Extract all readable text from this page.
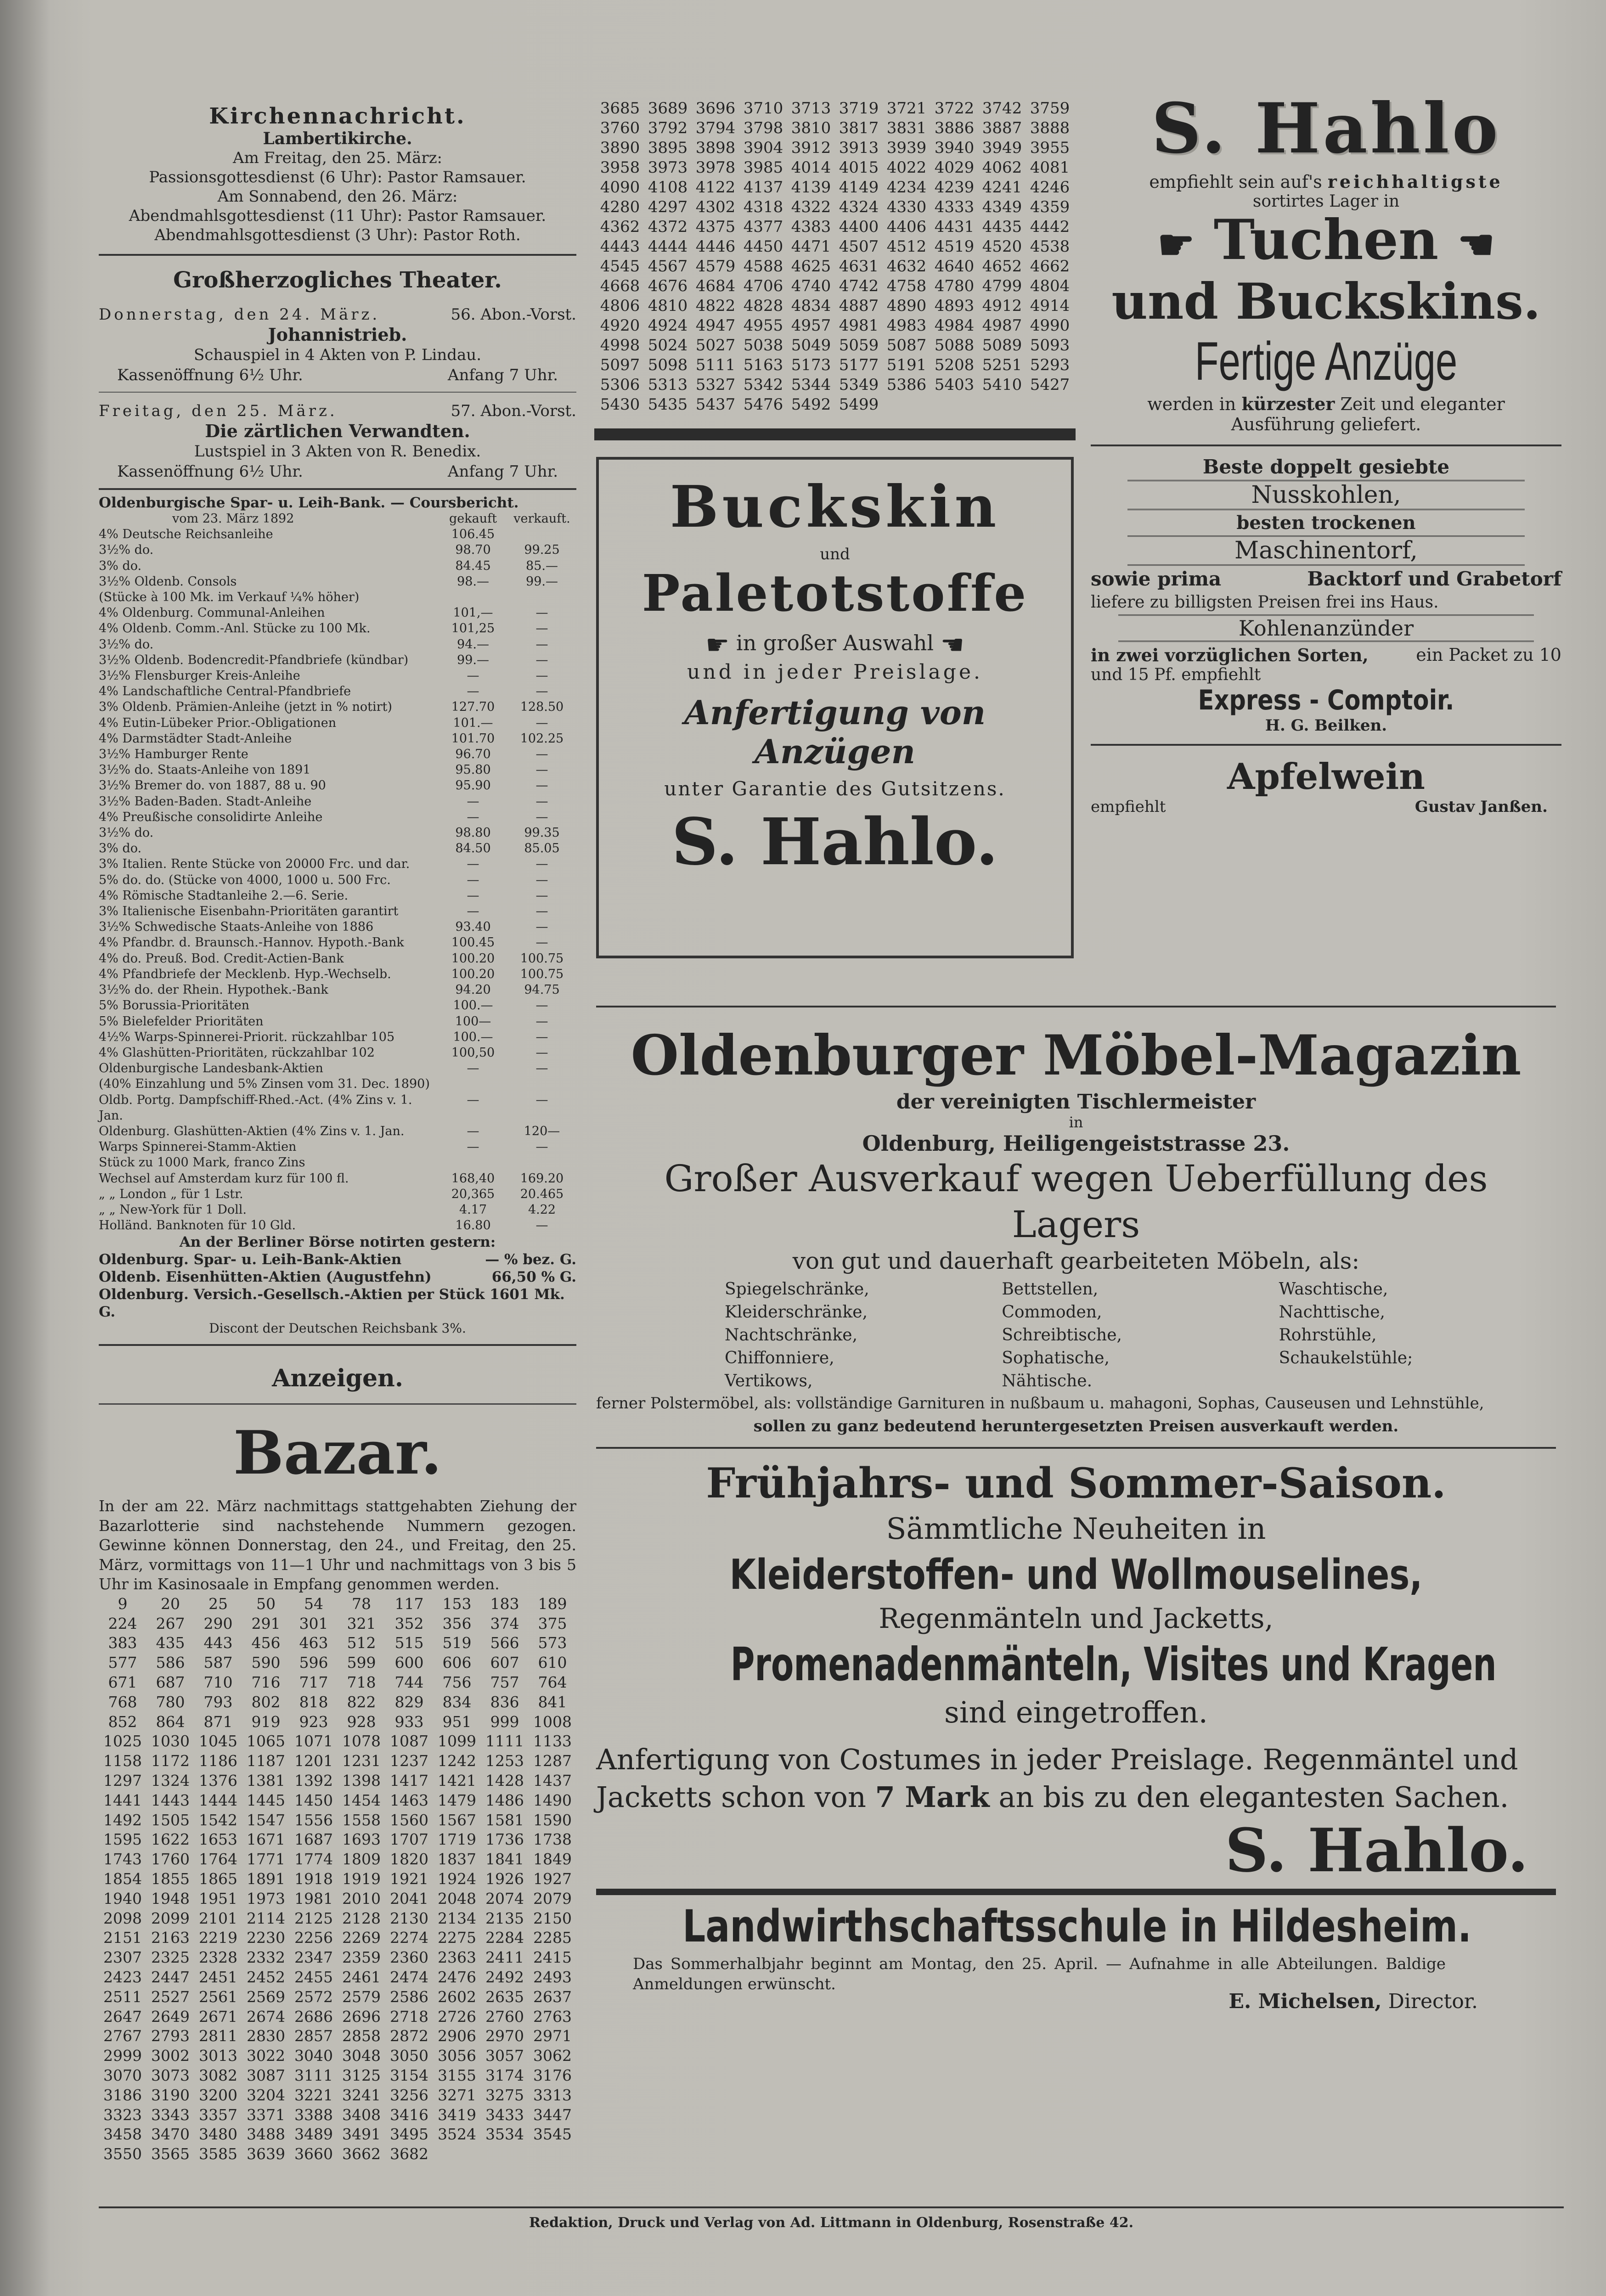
Kirchennachricht.
Lambertikirche.
Am Freitag, den 25. März:
Passionsgottesdienst (6 Uhr): Pastor Ramsauer.
Am Sonnabend, den 26. März:
Abendmahlsgottesdienst (11 Uhr): Pastor Ramsauer.
Abendmahlsgottesdienst (3 Uhr): Pastor Roth.
Großherzogliches Theater.
Donnerstag, den 24. März.	56. Abon.-Vorst.
Johannistrieb.
Schauspiel in 4 Akten von P. Lindau.
Kassenöffnung 6½ Uhr.	Anfang 7 Uhr.
Freitag, den 25. März.	57. Abon.-Vorst.
Die zärtlichen Verwandten.
Lustspiel in 3 Akten von R. Benedix.
Kassenöffnung 6½ Uhr.	Anfang 7 Uhr.
Oldenburgische Spar- u. Leih-Bank. — Coursbericht.
vom 23. März 1892	gekauft	verkauft.
4% Deutsche Reichsanleihe	106.45
3½% do.	98.70	99.25
3% do.	84.45	85.—
3½% Oldenb. Consols	98.—	99.—
(Stücke à 100 Mk. im Verkauf ¼% höher)
4% Oldenburg. Communal-Anleihen	101,—	—
4% Oldenb. Comm.-Anl. Stücke zu 100 Mk.	101,25	—
3½% do.	94.—	—
3½% Oldenb. Bodencredit-Pfandbriefe (kündbar)	99.—	—
3½% Flensburger Kreis-Anleihe	—	—
4% Landschaftliche Central-Pfandbriefe	—	—
3% Oldenb. Prämien-Anleihe (jetzt in % notirt)	127.70	128.50
4% Eutin-Lübeker Prior.-Obligationen	101.—	—
4% Darmstädter Stadt-Anleihe	101.70	102.25
3½% Hamburger Rente	96.70	—
3½% do. Staats-Anleihe von 1891	95.80	—
3½% Bremer do. von 1887, 88 u. 90	95.90	—
3½% Baden-Baden. Stadt-Anleihe	—	—
4% Preußische consolidirte Anleihe	—	—
3½% do.	98.80	99.35
3% do.	84.50	85.05
3% Italien. Rente Stücke von 20000 Frc. und dar.	—	—
5% do. do. (Stücke von 4000, 1000 u. 500 Frc.	—	—
4% Römische Stadtanleihe 2.—6. Serie.	—	—
3% Italienische Eisenbahn-Prioritäten garantirt	—	—
3½% Schwedische Staats-Anleihe von 1886	93.40	—
4% Pfandbr. d. Braunsch.-Hannov. Hypoth.-Bank	100.45	—
4% do. Preuß. Bod. Credit-Actien-Bank	100.20	100.75
4% Pfandbriefe der Mecklenb. Hyp.-Wechselb.	100.20	100.75
3½% do. der Rhein. Hypothek.-Bank	94.20	94.75
5% Borussia-Prioritäten	100.—	—
5% Bielefelder Prioritäten	100—	—
4½% Warps-Spinnerei-Priorit. rückzahlbar 105	100.—	—
4% Glashütten-Prioritäten, rückzahlbar 102	100,50	—
Oldenburgische Landesbank-Aktien	—	—
(40% Einzahlung und 5% Zinsen vom 31. Dec. 1890)
Oldb. Portg. Dampfschiff-Rhed.-Act. (4% Zins v. 1. Jan.
—	—
Oldenburg. Glashütten-Aktien (4% Zins v. 1. Jan.	—	120—
Warps Spinnerei-Stamm-Aktien	—	—
Stück zu 1000 Mark, franco Zins
Wechsel auf Amsterdam kurz für 100 fl.	168,40	169.20
„ „ London „ für 1 Lstr.	20,365	20.465
„ „ New-York für 1 Doll.	4.17	4.22
Holländ. Banknoten für 10 Gld.	16.80	—
An der Berliner Börse notirten gestern:
Oldenburg. Spar- u. Leih-Bank-Aktien	— % bez. G.
Oldenb. Eisenhütten-Aktien (Augustfehn)	66,50 % G.
Oldenburg. Versich.-Gesellsch.-Aktien per Stück 1601 Mk. G.
Discont der Deutschen Reichsbank 3%.
Anzeigen.
Bazar.
In der am 22. März nachmittags stattgehabten Ziehung der Bazarlotterie sind nachstehende Nummern gezogen. Gewinne können Donnerstag, den 24., und Freitag, den 25. März, vormittags von 11—1 Uhr und nachmittags von 3 bis 5 Uhr im Kasinosaale in Empfang genommen werden.
9	20	25	50	54	78	117	153	183	189
224	267	290	291	301	321	352	356	374	375
383	435	443	456	463	512	515	519	566	573
577	586	587	590	596	599	600	606	607	610
671	687	710	716	717	718	744	756	757	764
768	780	793	802	818	822	829	834	836	841
852	864	871	919	923	928	933	951	999 1008
1025 1030 1045 1065 1071 1078 1087 1099 1111 1133
1158 1172 1186 1187 1201 1231 1237 1242 1253 1287
1297 1324 1376 1381 1392 1398 1417 1421 1428 1437
1441 1443 1444 1445 1450 1454 1463 1479 1486 1490
1492 1505 1542 1547 1556 1558 1560 1567 1581 1590
1595 1622 1653 1671 1687 1693 1707 1719 1736 1738
1743 1760 1764 1771 1774 1809 1820 1837 1841 1849
1854 1855 1865 1891 1918 1919 1921 1924 1926 1927
1940 1948 1951 1973 1981 2010 2041 2048 2074 2079
2098 2099 2101 2114 2125 2128 2130 2134 2135 2150
2151 2163 2219 2230 2256 2269 2274 2275 2284 2285
2307 2325 2328 2332 2347 2359 2360 2363 2411 2415
2423 2447 2451 2452 2455 2461 2474 2476 2492 2493
2511 2527 2561 2569 2572 2579 2586 2602 2635 2637
2647 2649 2671 2674 2686 2696 2718 2726 2760 2763
2767 2793 2811 2830 2857 2858 2872 2906 2970 2971
2999 3002 3013 3022 3040 3048 3050 3056 3057 3062
3070 3073 3082 3087 3111 3125 3154 3155 3174 3176
3186 3190 3200 3204 3221 3241 3256 3271 3275 3313
3323 3343 3357 3371 3388 3408 3416 3419 3433 3447
3458 3470 3480 3488 3489 3491 3495 3524 3534 3545
3550 3565 3585 3639 3660 3662 3682
3685 3689 3696 3710 3713 3719 3721 3722 3742 3759
3760 3792 3794 3798 3810 3817 3831 3886 3887 3888
3890 3895 3898 3904 3912 3913 3939 3940 3949 3955
3958 3973 3978 3985 4014 4015 4022 4029 4062 4081
4090 4108 4122 4137 4139 4149 4234 4239 4241 4246
4280 4297 4302 4318 4322 4324 4330 4333 4349 4359
4362 4372 4375 4377 4383 4400 4406 4431 4435 4442
4443 4444 4446 4450 4471 4507 4512 4519 4520 4538
4545 4567 4579 4588 4625 4631 4632 4640 4652 4662
4668 4676 4684 4706 4740 4742 4758 4780 4799 4804
4806 4810 4822 4828 4834 4887 4890 4893 4912 4914
4920 4924 4947 4955 4957 4981 4983 4984 4987 4990
4998 5024 5027 5038 5049 5059 5087 5088 5089 5093
5097 5098 5111 5163 5173 5177 5191 5208 5251 5293
5306 5313 5327 5342 5344 5349 5386 5403 5410 5427
5430 5435 5437 5476 5492 5499
Buckskin
und
Paletotstoffe
☛ in großer Auswahl ☚
und in jeder Preislage.
Anfertigung von
Anzügen
unter Garantie des Gutsitzens.
S. Hahlo.
S. Hahlo
empfiehlt sein auf's reichhaltigste
sortirtes Lager in
☛ Tuchen ☚
und Buckskins.
Fertige Anzüge
werden in kürzester Zeit und eleganter
Ausführung geliefert.
Beste doppelt gesiebte
Nusskohlen,
besten trockenen
Maschinentorf,
sowie prima	Backtorf und Grabetorf
liefere zu billigsten Preisen frei ins Haus.
Kohlenanzünder
in zwei vorzüglichen Sorten,	ein Packet zu 10
und 15 Pf. empfiehlt
Express - Comptoir.
H. G. Beilken.
Apfelwein
empfiehlt	Gustav Janßen.
Oldenburger Möbel-Magazin
der vereinigten Tischlermeister
in
Oldenburg, Heiligengeiststrasse 23.
Großer Ausverkauf wegen Ueberfüllung des Lagers
von gut und dauerhaft gearbeiteten Möbeln, als:
Spiegelschränke,
Kleiderschränke,
Nachtschränke,
Chiffonniere,
Vertikows,
Bettstellen,
Commoden,
Schreibtische,
Sophatische,
Nähtische.
Waschtische,
Nachttische,
Rohrstühle,
Schaukelstühle;
ferner Polstermöbel, als: vollständige Garnituren in nußbaum u. mahagoni, Sophas, Causeusen und Lehnstühle,
sollen zu ganz bedeutend heruntergesetzten Preisen ausverkauft werden.
Frühjahrs- und Sommer-Saison.
Sämmtliche Neuheiten in
Kleiderstoffen- und Wollmouselines,
Regenmänteln und Jacketts,
Promenadenmänteln, Visites und Kragen
sind eingetroffen.
Anfertigung von Costumes in jeder Preislage. Regenmäntel und Jacketts schon von 7 Mark an bis zu den elegantesten Sachen.
S. Hahlo.
Landwirthschaftsschule in Hildesheim.
Das Sommerhalbjahr beginnt am Montag, den 25. April. — Aufnahme in alle Abteilungen. Baldige Anmeldungen erwünscht.
E. Michelsen, Director.
Redaktion, Druck und Verlag von Ad. Littmann in Oldenburg, Rosenstraße 42.
